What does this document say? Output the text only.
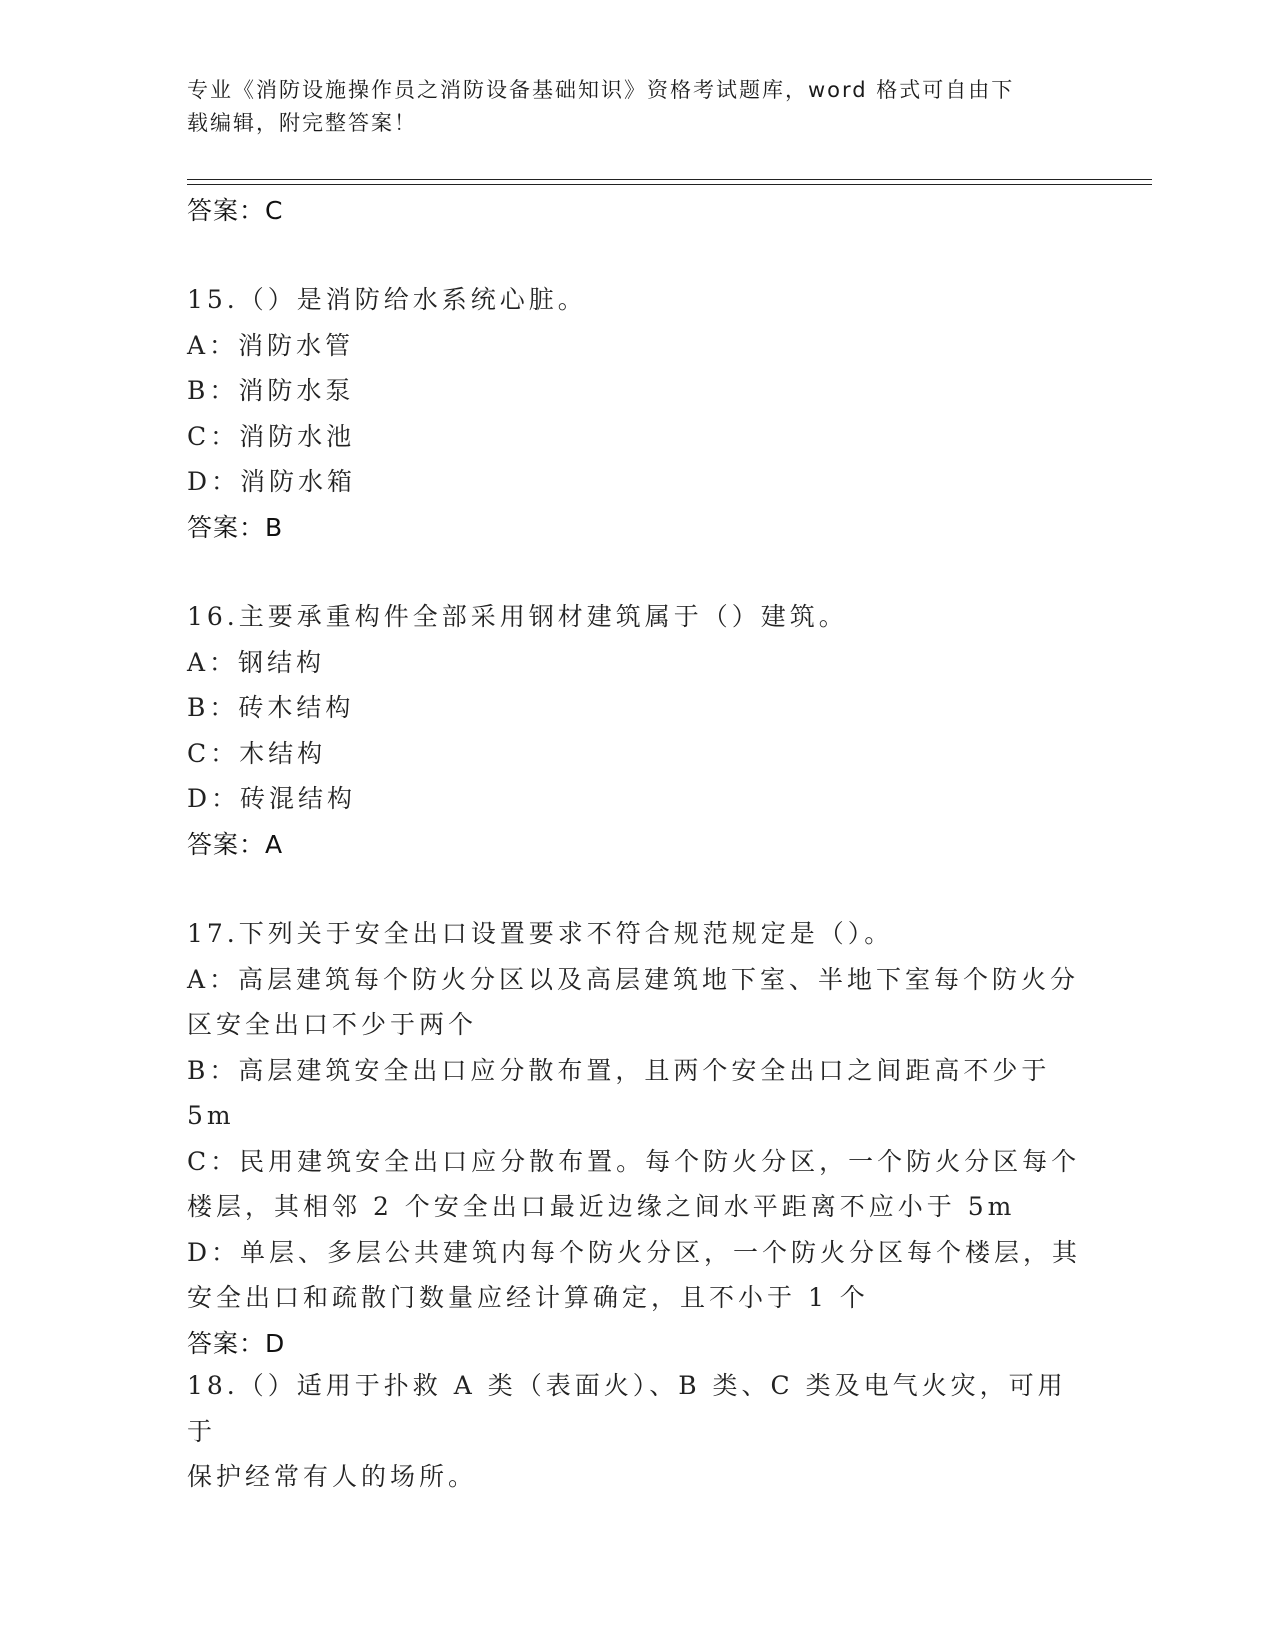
专业《消防设施操作员之消防设备基础知识》资格考试题库，word 格式可自由下
载编辑，附完整答案！
答案：C
15.（）是消防给水系统心脏。
A：消防水管
B：消防水泵
C：消防水池
D：消防水箱
答案：B
16.主要承重构件全部采用钢材建筑属于（）建筑。
A：钢结构
B：砖木结构
C：木结构
D：砖混结构
答案：A
17.下列关于安全出口设置要求不符合规范规定是（）。
A：高层建筑每个防火分区以及高层建筑地下室、半地下室每个防火分
区安全出口不少于两个
B：高层建筑安全出口应分散布置，且两个安全出口之间距高不少于 5m
C：民用建筑安全出口应分散布置。每个防火分区，一个防火分区每个
楼层，其相邻 2 个安全出口最近边缘之间水平距离不应小于 5m
D：单层、多层公共建筑内每个防火分区，一个防火分区每个楼层，其
安全出口和疏散门数量应经计算确定，且不小于 1 个
答案：D
18.（）适用于扑救 A 类（表面火）、B 类、C 类及电气火灾，可用于
保护经常有人的场所。
